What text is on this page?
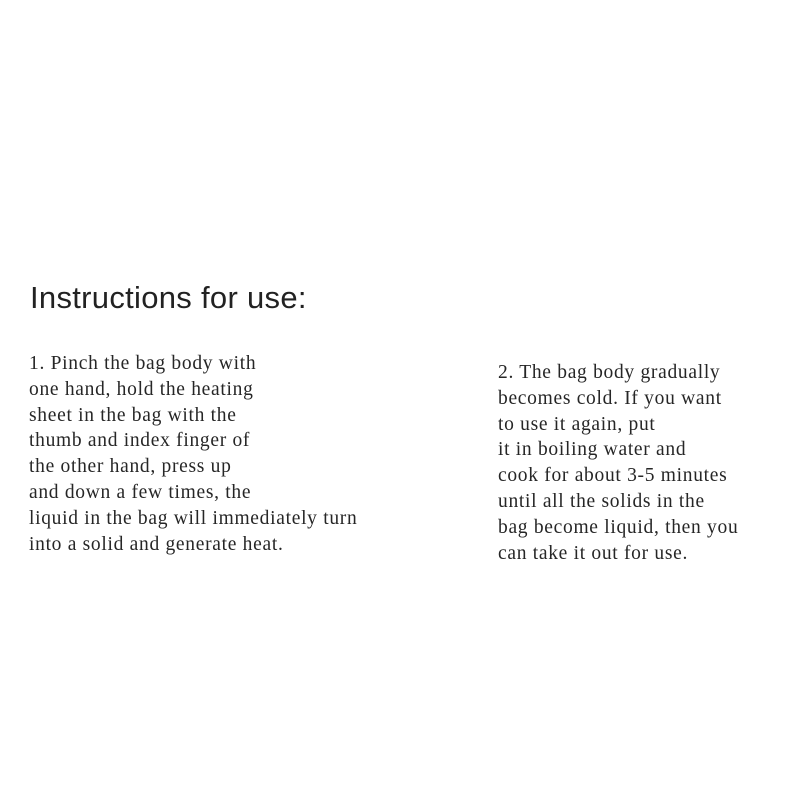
Instructions for use:
1. Pinch the bag body with
one hand, hold the heating
sheet in the bag with the
thumb and index finger of
the other hand, press up
and down a few times, the
liquid in the bag will immediately turn
into a solid and generate heat.
2. The bag body gradually
becomes cold. If you want
to use it again, put
it in boiling water and
cook for about 3-5 minutes
until all the solids in the
bag become liquid, then you
can take it out for use.
